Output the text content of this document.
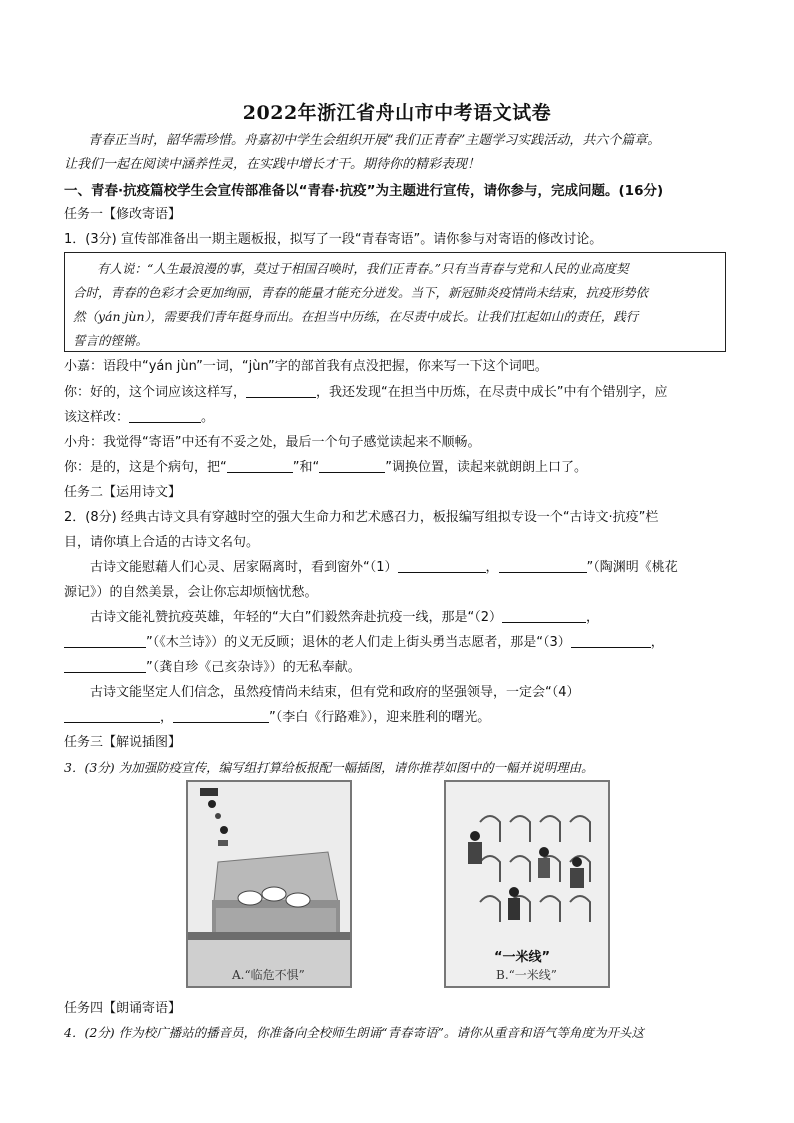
2022年浙江省舟山市中考语文试卷
青春正当时，韶华需珍惜。舟嘉初中学生会组织开展“我们正青春”主题学习实践活动，共六个篇章。
让我们一起在阅读中涵养性灵，在实践中增长才干。期待你的精彩表现！
一、青春·抗疫篇校学生会宣传部准备以“青春·抗疫”为主题进行宣传，请你参与，完成问题。(16分)
任务一【修改寄语】
1．(3分) 宣传部准备出一期主题板报，拟写了一段“青春寄语”。请你参与对寄语的修改讨论。
有人说：“人生最浪漫的事，莫过于相国召唤时，我们正青春。”只有当青春与党和人民的业高度契
合时，青春的色彩才会更加绚丽，青春的能量才能充分迸发。当下，新冠肺炎疫情尚未结束，抗疫形势依
然（yán jùn），需要我们青年挺身而出。在担当中历练，在尽责中成长。让我们扛起如山的责任，践行
誓言的铿锵。
小嘉：语段中“yán jùn”一词，“jùn”字的部首我有点没把握，你来写一下这个词吧。
你：好的，这个词应该这样写，	，我还发现“在担当中历炼，在尽责中成长”中有个错别字，应
该这样改：	。
小舟：我觉得“寄语”中还有不妥之处，最后一个句子感觉读起来不顺畅。
你：是的，这是个病句，把“	”和“	”调换位置，读起来就朗朗上口了。
任务二【运用诗文】
2．(8分) 经典古诗文具有穿越时空的强大生命力和艺术感召力，板报编写组拟专设一个“古诗文·抗疫”栏
目，请你填上合适的古诗文名句。
古诗文能慰藉人们心灵、居家隔离时，看到窗外“（1）	，	”（陶渊明《桃花
源记》）的自然美景，会让你忘却烦恼忧愁。
古诗文能礼赞抗疫英雄，年轻的“大白”们毅然奔赴抗疫一线，那是“（2）	，
”（《木兰诗》）的义无反顾；退休的老人们走上街头勇当志愿者，那是“（3）	，
”（龚自珍《己亥杂诗》）的无私奉献。
古诗文能坚定人们信念，虽然疫情尚未结束，但有党和政府的坚强领导，一定会“（4）
，	”（李白《行路难》），迎来胜利的曙光。
任务三【解说插图】
3．(3分) 为加强防疫宣传，编写组打算给板报配一幅插图，请你推荐如图中的一幅并说明理由。
A.“临危不惧”
“一米线”
B.“一米线”
任务四【朗诵寄语】
4．(2分) 作为校广播站的播音员，你准备向全校师生朗诵“青春寄语”。请你从重音和语气等角度为开头这
